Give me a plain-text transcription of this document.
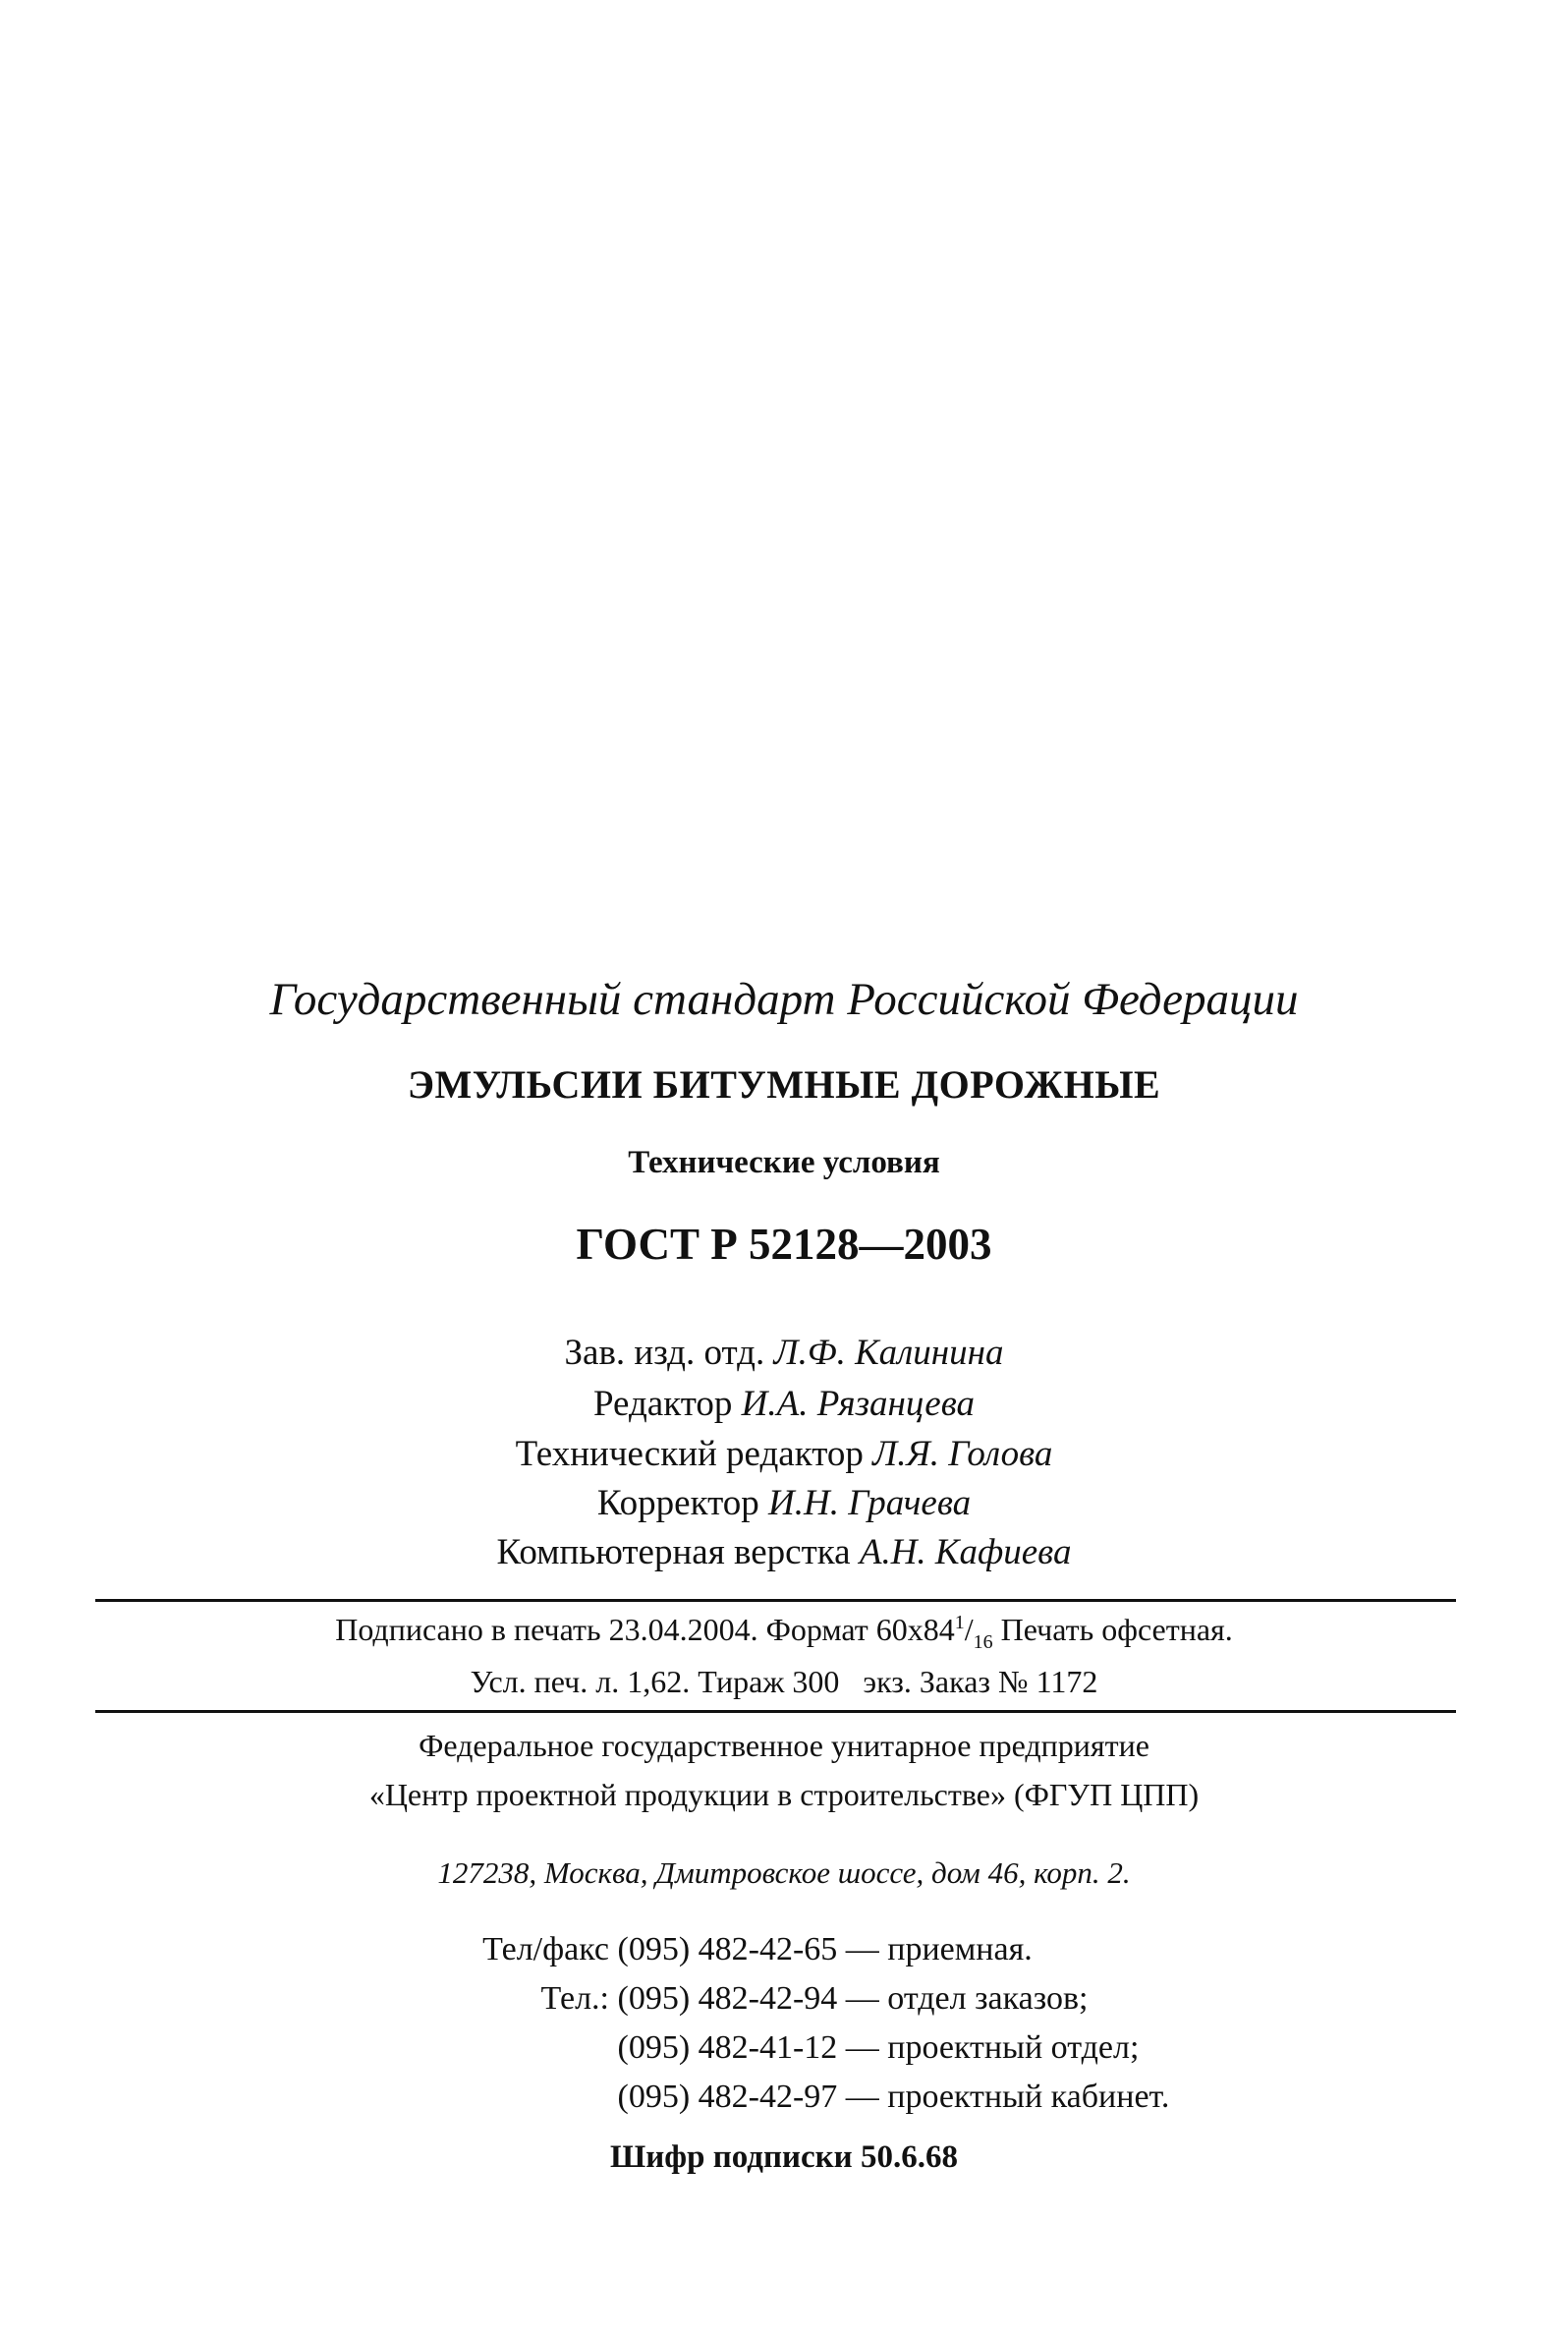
Государственный стандарт Российской Федерации
ЭМУЛЬСИИ БИТУМНЫЕ ДОРОЖНЫЕ
Технические условия
ГОСТ Р 52128—2003
Зав. изд. отд. Л.Ф. Калинина
Редактор И.А. Рязанцева
Технический редактор Л.Я. Голова
Корректор И.Н. Грачева
Компьютерная верстка А.Н. Кафиева
Подписано в печать 23.04.2004. Формат $60х84^1/_{16}$ Печать офсетная.
Усл. печ. л. 1,62. Тираж 300   экз. Заказ № 1172
Федеральное государственное унитарное предприятие
«Центр проектной продукции в строительстве» (ФГУП ЦПП)
127238, Москва, Дмитровское шоссе, дом 46, корп. 2.
Тел/факс (095) 482-42-65 — приемная.
Тел.: (095) 482-42-94 — отдел заказов;
(095) 482-41-12 — проектный отдел;
(095) 482-42-97 — проектный кабинет.
Шифр подписки 50.6.68
